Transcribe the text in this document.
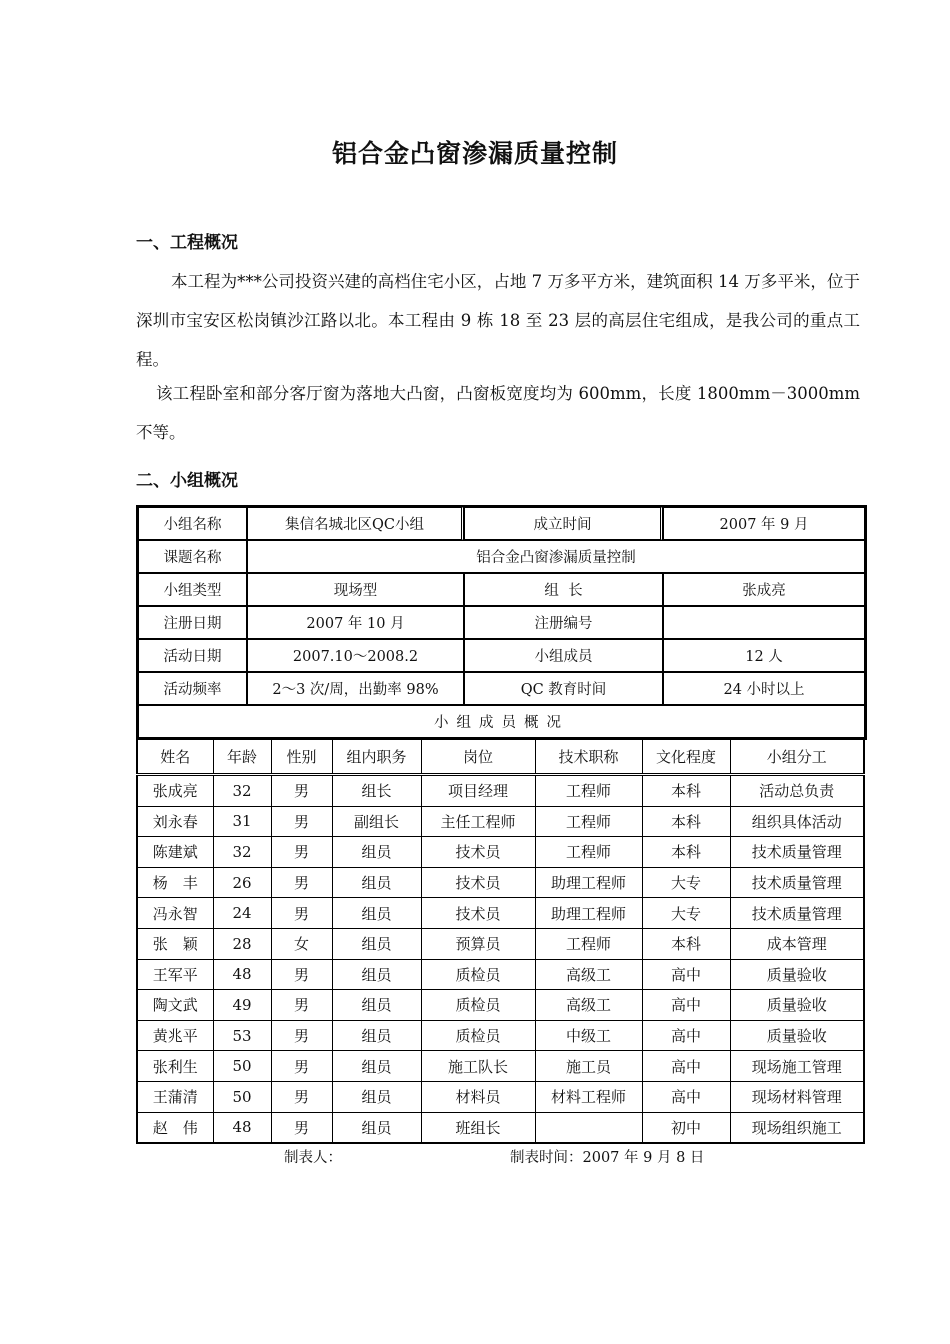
铝合金凸窗渗漏质量控制
一、工程概况

本工程为***公司投资兴建的高档住宅小区，占地 7 万多平方米，建筑面积 14 万多平米，位于深圳市宝安区松岗镇沙江路以北。本工程由 9 栋 18 至 23 层的高层住宅组成，是我公司的重点工程。

该工程卧室和部分客厅窗为落地大凸窗，凸窗板宽度均为 600mm，长度 1800mm－3000mm 不等。

二、小组概况
小组名称	集信名城北区QC小组	成立时间	2007 年 9 月
课题名称	铝合金凸窗渗漏质量控制		
小组类型	现场型	组  长	张成亮
注册日期	2007 年 10 月	注册编号	
活动日期	2007.10～2008.2	小组成员	12 人
活动频率	2～3 次/周，出勤率 98%	QC 教育时间	24 小时以上
小组成员概况			
姓名	年龄	性别	组内职务	岗位	技术职称	文化程度	小组分工
张成亮	32	男	组长	项目经理	工程师	本科	活动总负责
刘永春	31	男	副组长	主任工程师	工程师	本科	组织具体活动
陈建斌	32	男	组员	技术员	工程师	本科	技术质量管理
杨　丰	26	男	组员	技术员	助理工程师	大专	技术质量管理
冯永智	24	男	组员	技术员	助理工程师	大专	技术质量管理
张　颖	28	女	组员	预算员	工程师	本科	成本管理
王军平	48	男	组员	质检员	高级工	高中	质量验收
陶文武	49	男	组员	质检员	高级工	高中	质量验收
黄兆平	53	男	组员	质检员	中级工	高中	质量验收
张利生	50	男	组员	施工队长	施工员	高中	现场施工管理
王蒲清	50	男	组员	材料员	材料工程师	高中	现场材料管理
赵　伟	48	男	组员	班组长		初中	现场组织施工
制表人：	制表时间：2007 年 9 月 8 日
